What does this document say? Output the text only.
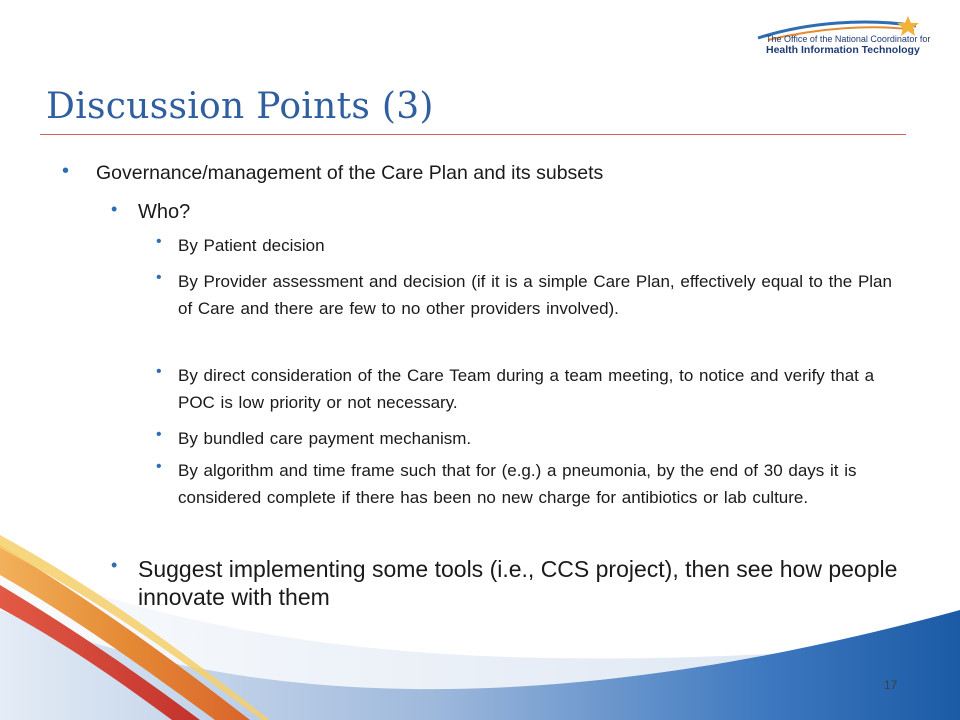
The Office of the National Coordinator for
Health Information Technology
Discussion Points (3)
• Governance/management of the Care Plan and its subsets
• Who?
• By Patient decision
• By Provider assessment and decision (if it is a simple Care Plan, effectively equal to the Plan of Care and there are few to no other providers involved).
• By direct consideration of the Care Team during a team meeting, to notice and verify that a POC is low priority or not necessary.
• By bundled care payment mechanism.
• By algorithm and time frame such that for (e.g.) a pneumonia, by the end of 30 days it is considered complete if there has been no new charge for antibiotics or lab culture.
• Suggest implementing some tools (i.e., CCS project), then see how people innovate with them
17
